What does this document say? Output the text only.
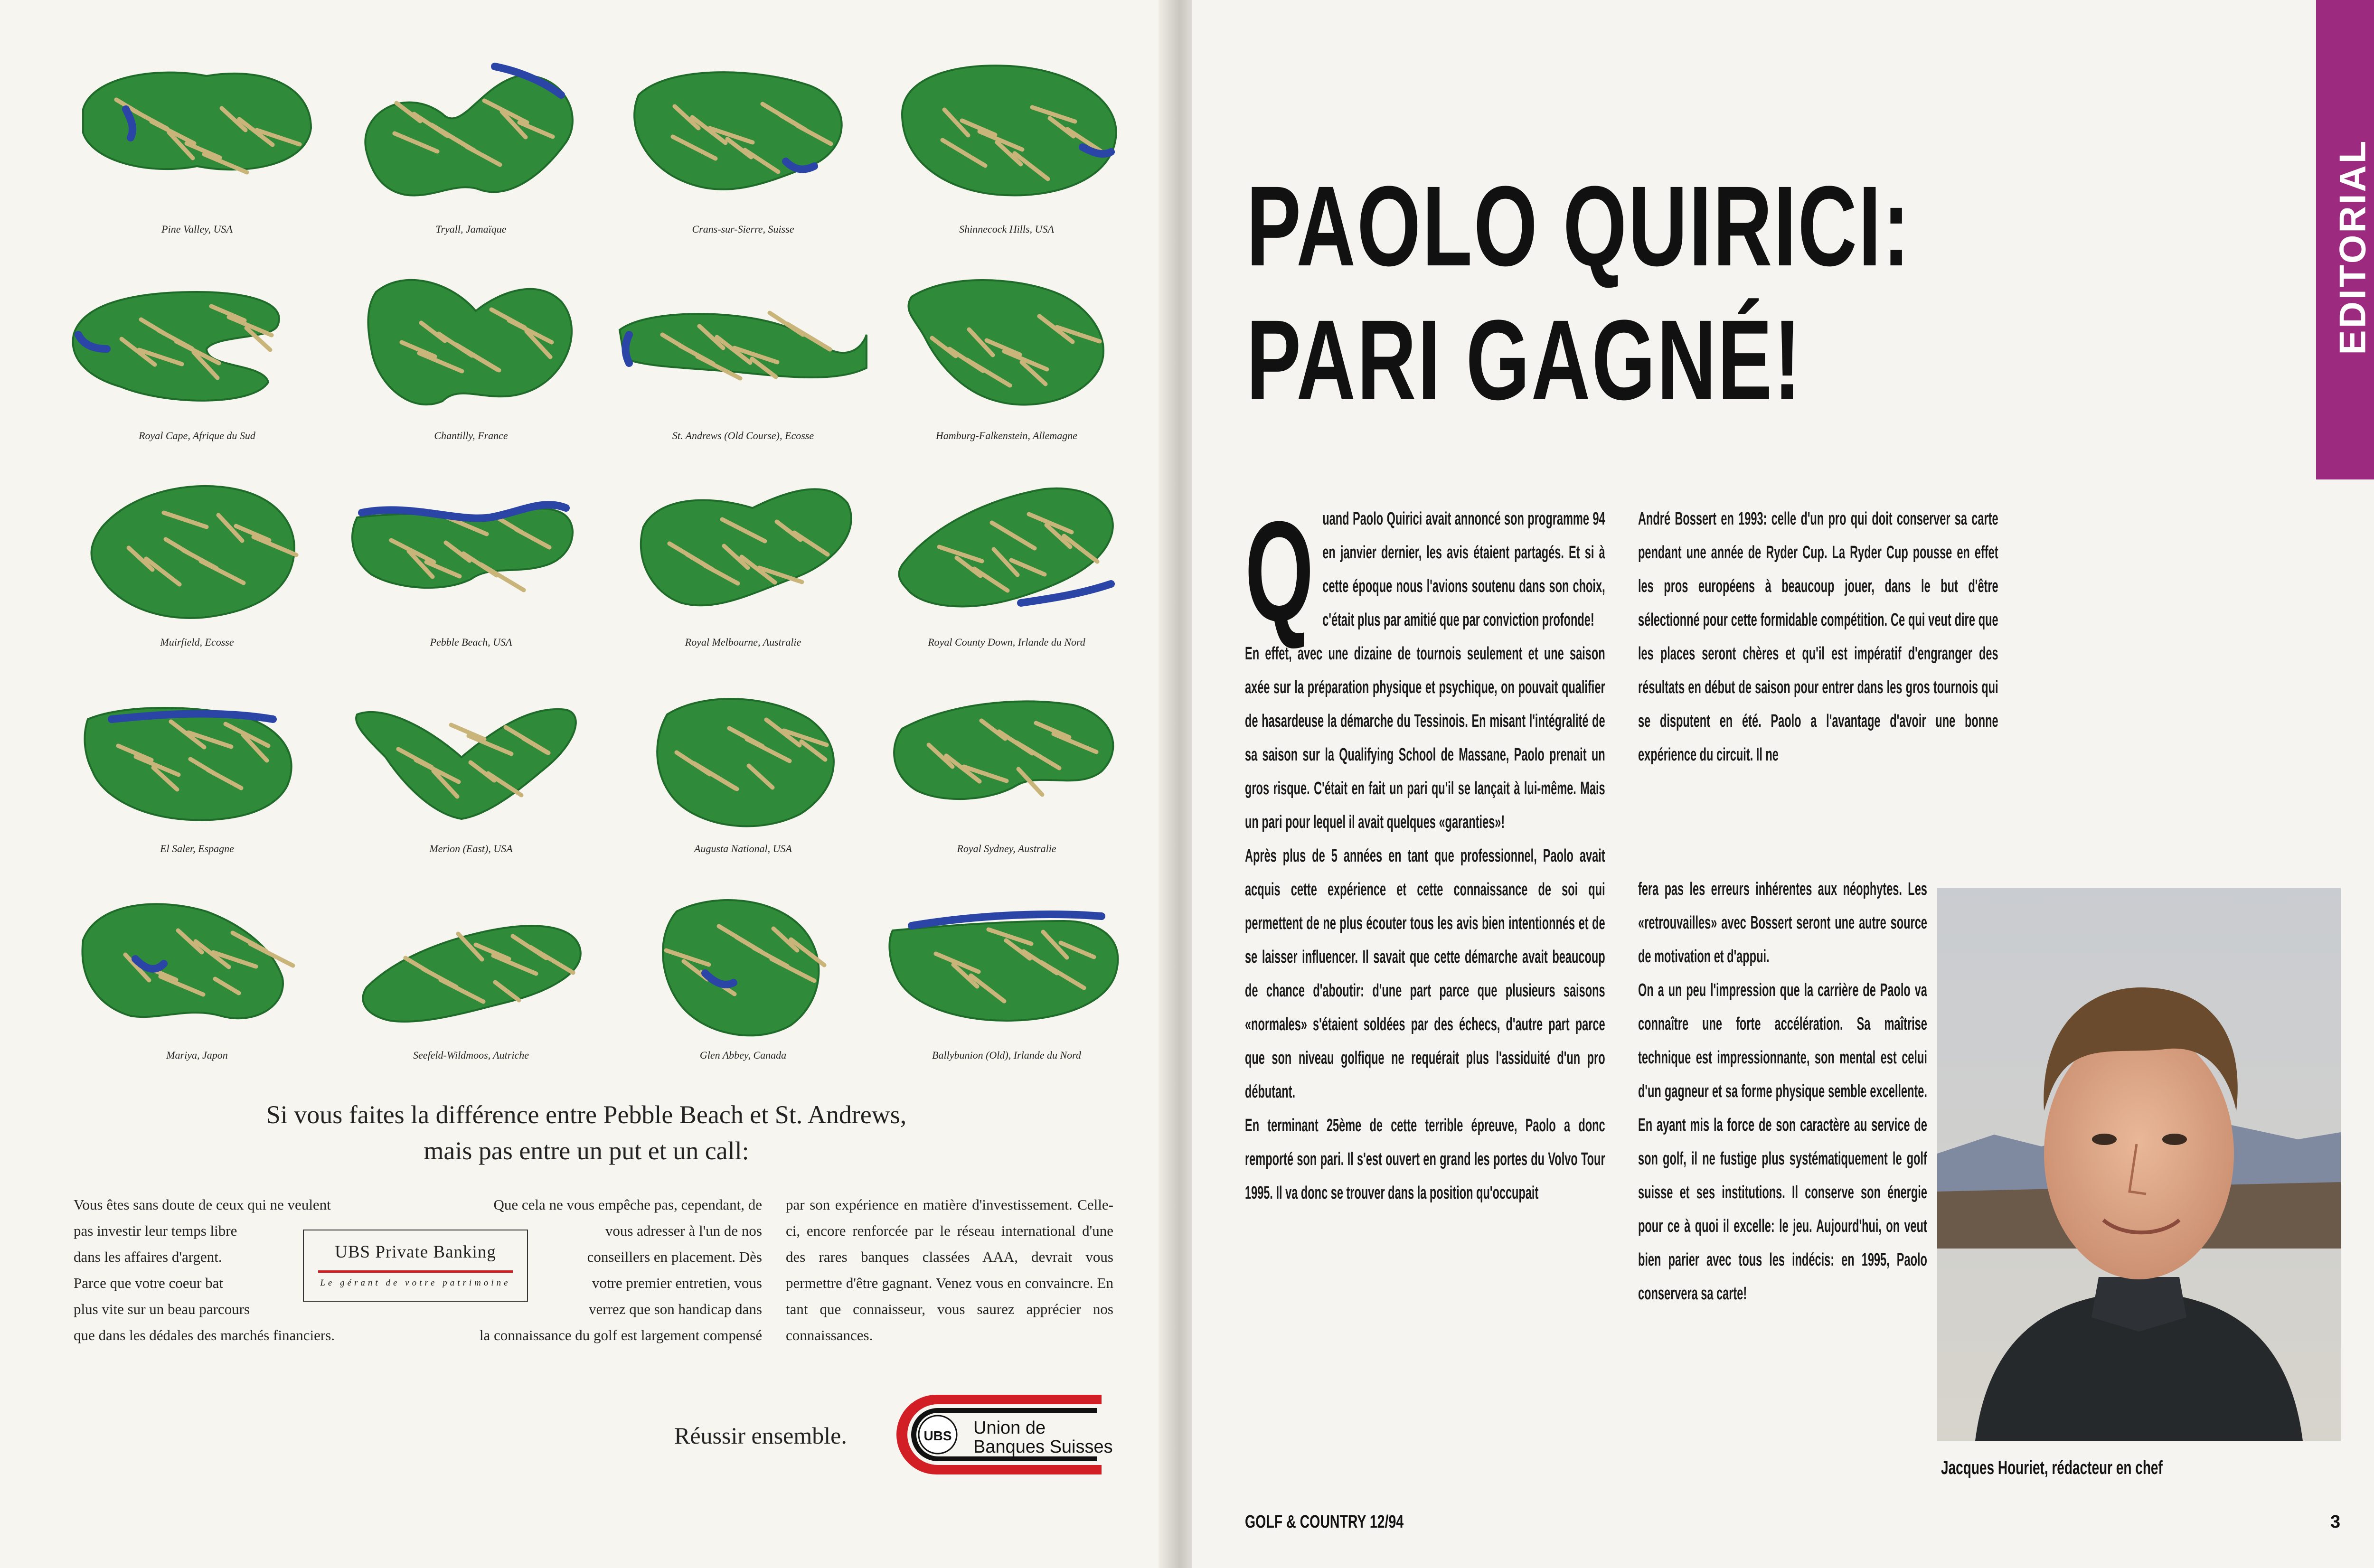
Pine Valley, USA	Tryall, Jamaïque	Crans-sur-Sierre, Suisse	Shinnecock Hills, USA
Royal Cape, Afrique du Sud	Chantilly, France	St. Andrews (Old Course), Ecosse	Hamburg-Falkenstein, Allemagne
Muirfield, Ecosse	Pebble Beach, USA	Royal Melbourne, Australie	Royal County Down, Irlande du Nord
El Saler, Espagne	Merion (East), USA	Augusta National, USA	Royal Sydney, Australie
Mariya, Japon	Seefeld-Wildmoos, Autriche	Glen Abbey, Canada	Ballybunion (Old), Irlande du Nord
Si vous faites la différence entre Pebble Beach et St. Andrews,
mais pas entre un put et un call:

Vous êtes sans doute de ceux qui ne veulent

pas investir leur temps libre

dans les affaires d'argent.

Parce que votre coeur bat

plus vite sur un beau parcours

que dans les dédales des marchés financiers.

Que cela ne vous empêche pas, cependant, de

vous adresser à l'un de nos

conseillers en placement. Dès

votre premier entretien, vous

verrez que son handicap dans

la connaissance du golf est largement compensé

par son expérience en matière d'investissement. Celle-ci, encore renforcée par le réseau international d'une des rares banques classées AAA, devrait vous permettre d'être gagnant. Venez vous en convaincre. En tant que connaisseur, vous saurez apprécier nos connaissances.

UBS Private Banking
Le gérant de votre patrimoine
Réussir ensemble.	UBS Union de
Banques Suisses
EDITORIAL
PAOLO QUIRICI:
PARI GAGNÉ!

Quand Paolo Quirici avait annoncé son programme 94 en janvier dernier, les avis étaient partagés. Et si à cette époque nous l'avions soutenu dans son choix, c'était plus par amitié que par conviction profonde!

En effet, avec une dizaine de tournois seulement et une saison axée sur la préparation physique et psychique, on pouvait qualifier de hasardeuse la démarche du Tessinois. En misant l'intégralité de sa saison sur la Qualifying School de Massane, Paolo prenait un gros risque. C'était en fait un pari qu'il se lançait à lui-même. Mais un pari pour lequel il avait quelques «garanties»!

Après plus de 5 années en tant que professionnel, Paolo avait acquis cette expérience et cette connaissance de soi qui permettent de ne plus écouter tous les avis bien intentionnés et de se laisser influencer. Il savait que cette démarche avait beaucoup de chance d'aboutir: d'une part parce que plusieurs saisons «normales» s'étaient soldées par des échecs, d'autre part parce que son niveau golfique ne requérait plus l'assiduité d'un pro débutant.

En terminant 25ème de cette terrible épreuve, Paolo a donc remporté son pari. Il s'est ouvert en grand les portes du Volvo Tour 1995. Il va donc se trouver dans la position qu'occupait

André Bossert en 1993: celle d'un pro qui doit conserver sa carte pendant une année de Ryder Cup. La Ryder Cup pousse en effet les pros européens à beaucoup jouer, dans le but d'être sélectionné pour cette formidable compétition. Ce qui veut dire que les places seront chères et qu'il est impératif d'engranger des résultats en début de saison pour entrer dans les gros tournois qui se disputent en été. Paolo a l'avantage d'avoir une bonne expérience du circuit. Il ne

fera pas les erreurs inhérentes aux néophytes. Les «retrouvailles» avec Bossert seront une autre source de motivation et d'appui.

On a un peu l'impression que la carrière de Paolo va connaître une forte accélération. Sa maîtrise technique est impressionnante, son mental est celui d'un gagneur et sa forme physique semble excellente. En ayant mis la force de son caractère au service de son golf, il ne fustige plus systématiquement le golf suisse et ses institutions. Il conserve son énergie pour ce à quoi il excelle: le jeu. Aujourd'hui, on veut bien parier avec tous les indécis: en 1995, Paolo conservera sa carte!

Jacques Houriet, rédacteur en chef
GOLF & COUNTRY 12/94	3
